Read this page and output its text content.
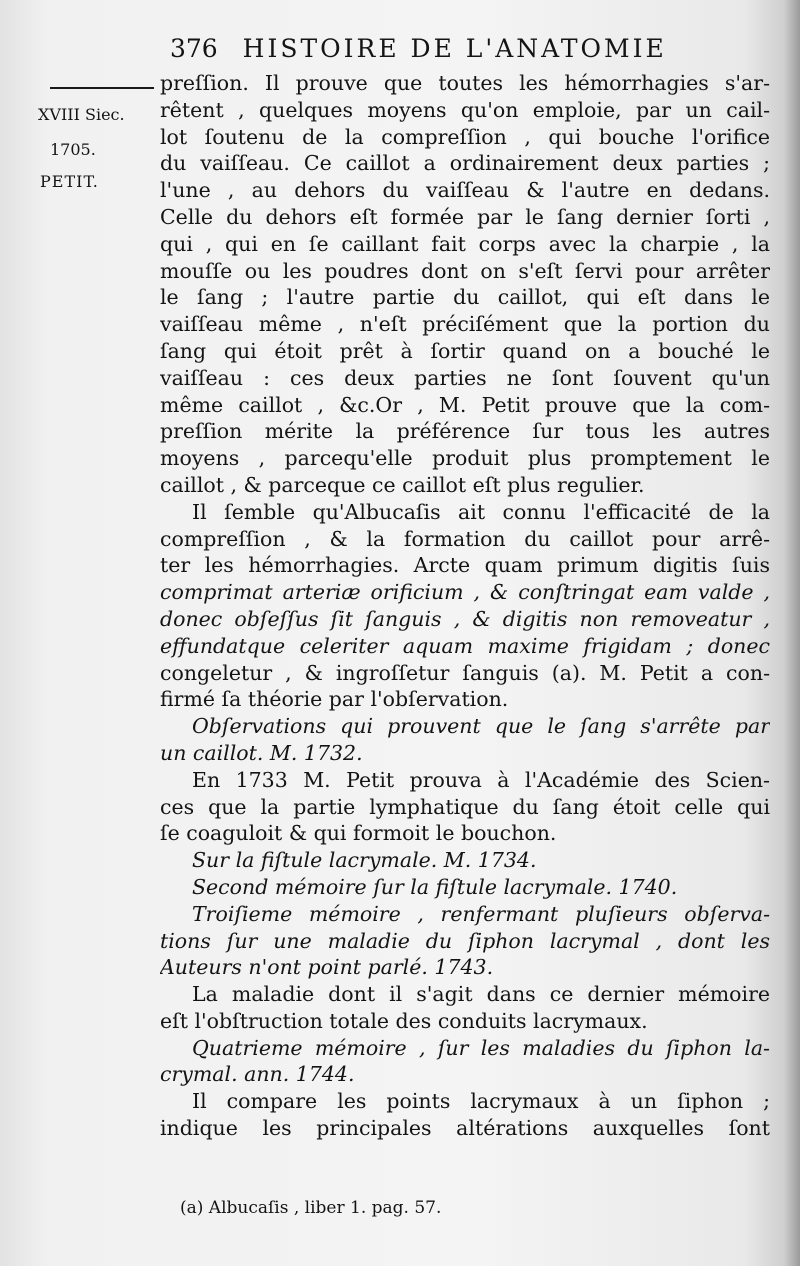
376 HISTOIRE DE L'ANATOMIE
XVIII Siec.
1705.
PETIT.
preſſion. Il prouve que toutes les hémorrhagies s'ar-
rêtent , quelques moyens qu'on emploie, par un cail-
lot ſoutenu de la compreſſion , qui bouche l'orifice
du vaiſſeau. Ce caillot a ordinairement deux parties ;
l'une , au dehors du vaiſſeau & l'autre en dedans.
Celle du dehors eſt formée par le ſang dernier ſorti ,
qui , qui en ſe caillant fait corps avec la charpie , la
mouſſe ou les poudres dont on s'eſt ſervi pour arrêter
le ſang ; l'autre partie du caillot, qui eſt dans le
vaiſſeau même , n'eſt préciſément que la portion du
ſang qui étoit prêt à ſortir quand on a bouché le
vaiſſeau : ces deux parties ne ſont ſouvent qu'un
même caillot , &c.Or , M. Petit prouve que la com-
preſſion mérite la préférence ſur tous les autres
moyens , parcequ'elle produit plus promptement le
caillot , & parceque ce caillot eſt plus regulier.
Il ſemble qu'Albucaſis ait connu l'efficacité de la
compreſſion , & la formation du caillot pour arrê-
ter les hémorrhagies. Arcte quam primum digitis ſuis
comprimat arteriæ orificium , & conſtringat eam valde ,
donec obſeſſus ſit ſanguis , & digitis non removeatur ,
effundatque celeriter aquam maxime frigidam ; donec
congeletur , & ingroſſetur ſanguis (a). M. Petit a con-
firmé ſa théorie par l'obſervation.
Obſervations qui prouvent que le ſang s'arrête par
un caillot. M. 1732.
En 1733 M. Petit prouva à l'Académie des Scien-
ces que la partie lymphatique du ſang étoit celle qui
ſe coaguloit & qui formoit le bouchon.
Sur la fiſtule lacrymale. M. 1734.
Second mémoire ſur la fiſtule lacrymale. 1740.
Troiſieme mémoire , renfermant pluſieurs obſerva-
tions ſur une maladie du ſiphon lacrymal , dont les
Auteurs n'ont point parlé. 1743.
La maladie dont il s'agit dans ce dernier mémoire
eſt l'obſtruction totale des conduits lacrymaux.
Quatrieme mémoire , ſur les maladies du ſiphon la-
crymal. ann. 1744.
Il compare les points lacrymaux à un ſiphon ;
indique les principales altérations auxquelles ſont
(a) Albucaſis , liber 1. pag. 57.
